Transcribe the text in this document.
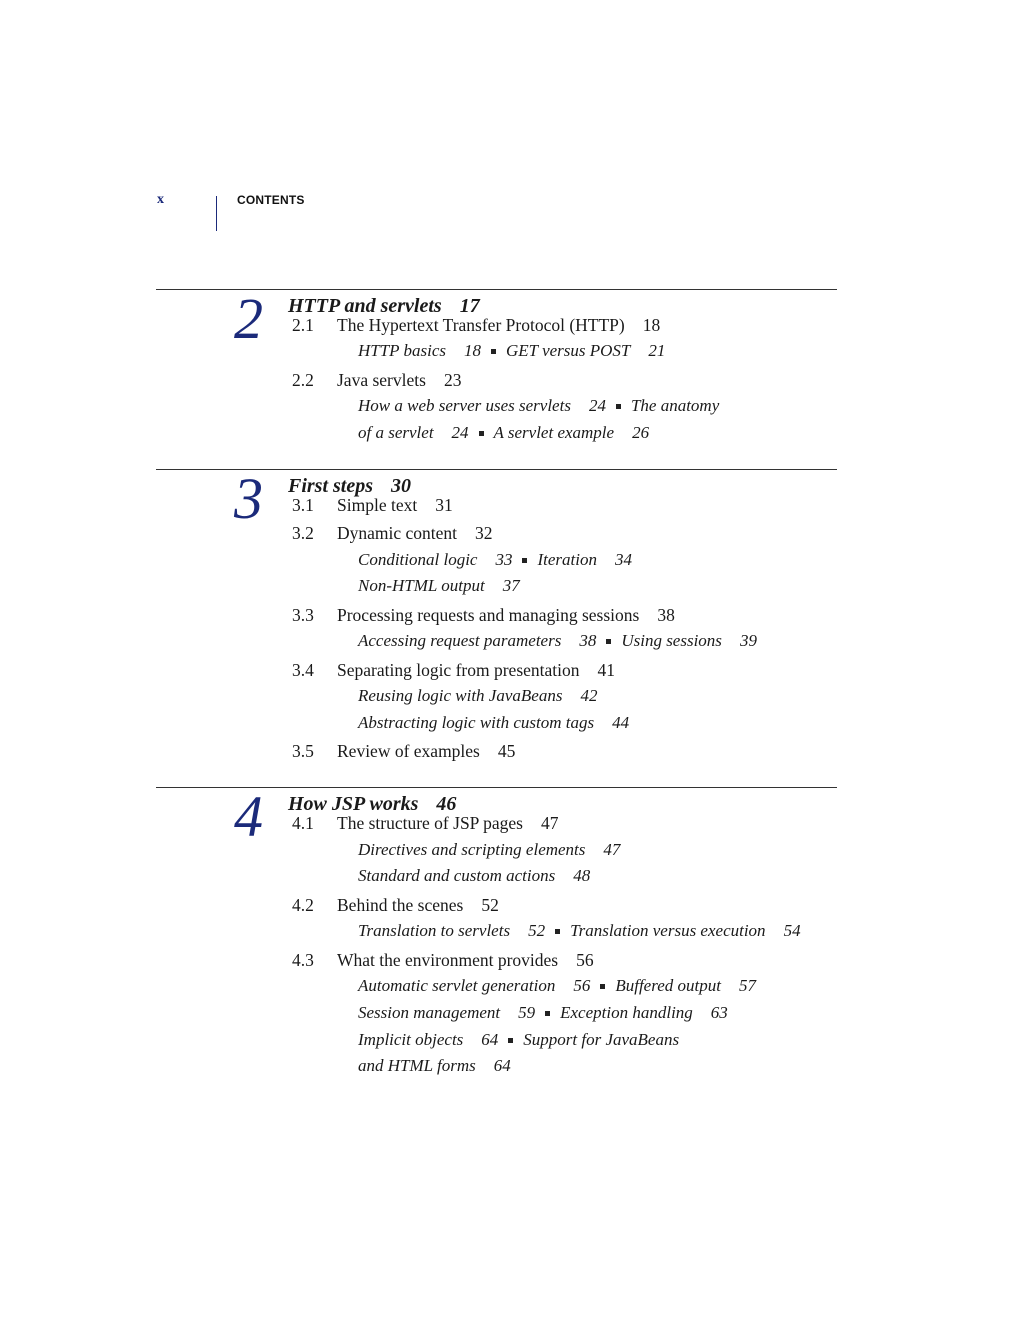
x	CONTENTS
2 HTTP and servlets 17
2.1 The Hypertext Transfer Protocol (HTTP) 18
HTTP basics 18 GET versus POST 21
2.2 Java servlets 23
How a web server uses servlets 24 The anatomy
of a servlet 24 A servlet example 26
3 First steps 30
3.1 Simple text 31
3.2 Dynamic content 32
Conditional logic 33 Iteration 34
Non-HTML output 37
3.3 Processing requests and managing sessions 38
Accessing request parameters 38 Using sessions 39
3.4 Separating logic from presentation 41
Reusing logic with JavaBeans 42
Abstracting logic with custom tags 44
3.5 Review of examples 45
4 How JSP works 46
4.1 The structure of JSP pages 47
Directives and scripting elements 47
Standard and custom actions 48
4.2 Behind the scenes 52
Translation to servlets 52 Translation versus execution 54
4.3 What the environment provides 56
Automatic servlet generation 56 Buffered output 57
Session management 59 Exception handling 63
Implicit objects 64 Support for JavaBeans
and HTML forms 64
